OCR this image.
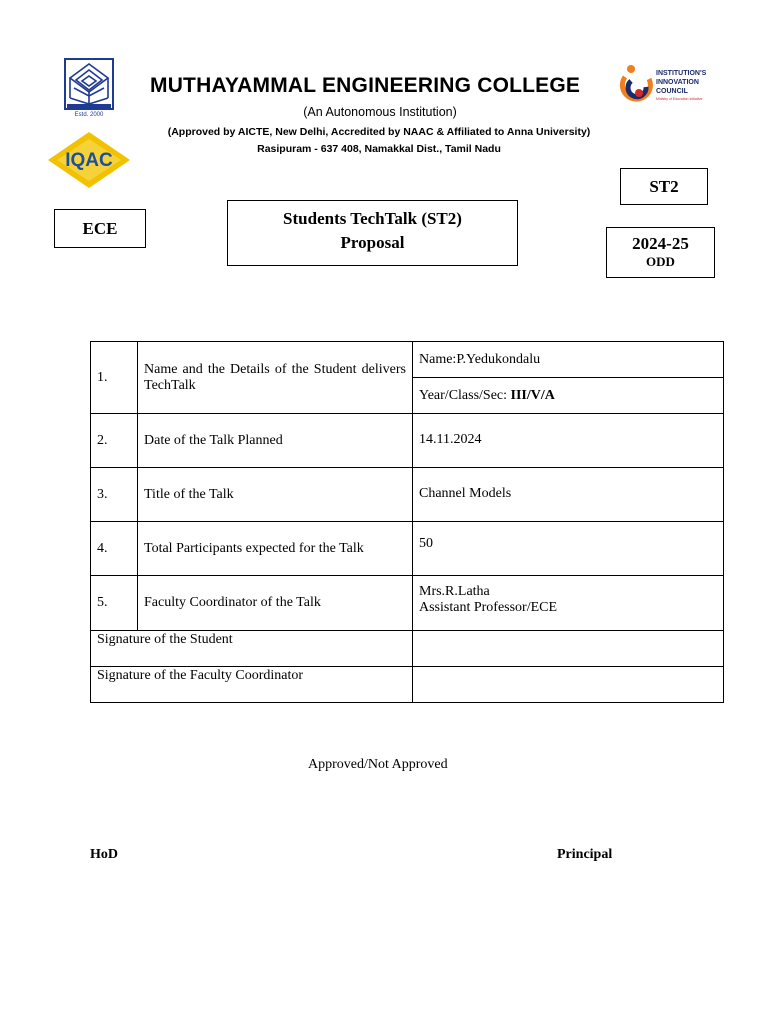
Estd. 2000
IQAC
INSTITUTION'S
INNOVATION
COUNCIL
Ministry of Education Initiative
MUTHAYAMMAL ENGINEERING COLLEGE
(An Autonomous Institution)
(Approved by AICTE, New Delhi, Accredited by NAAC & Affiliated to Anna University)
Rasipuram - 637 408, Namakkal Dist., Tamil Nadu
ST2
ECE
Students TechTalk (ST2)
Proposal	2024-25
ODD
1.	Name and the Details of the Student delivers TechTalk	Name:P.Yedukondalu
		Year/Class/Sec: III/V/A
2.	Date of the Talk Planned	14.11.2024

3.	Title of the Talk	Channel Models

4.	Total Participants expected for the Talk	50

5.	Faculty Coordinator of the Talk	Mrs.R.Latha
Assistant Professor/ECE

Signature of the Student		

Signature of the Faculty Coordinator		

Approved/Not Approved
HoD	Principal
